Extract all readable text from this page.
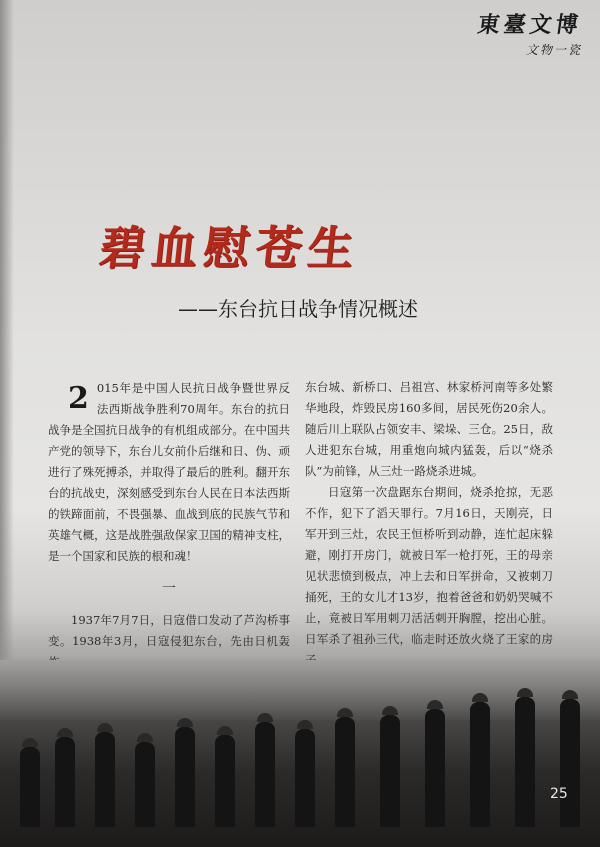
東臺文博
文物一瓷
碧血慰苍生
——东台抗日战争情况概述
2 015年是中国人民抗日战争暨世界反法西斯战争胜利70周年。东台的抗日战争是全国抗日战争的有机组成部分。在中国共产党的领导下，东台儿女前仆后继和日、伪、顽进行了殊死搏杀，并取得了最后的胜利。翻开东台的抗战史，深刻感受到东台人民在日本法西斯的铁蹄面前，不畏强暴、血战到底的民族气节和英雄气概，这是战胜强敌保家卫国的精神支柱，是一个国家和民族的根和魂！

一

1937年7月7日，日寇借口发动了芦沟桥事变。1938年3月，日寇侵犯东台，先由日机轰

东台城、新桥口、吕祖宫、林家桥河南等多处繁华地段，炸毁民房160多间，居民死伤20余人。随后川上联队占领安丰、梁垛、三仓。25日，敌人进犯东台城，用重炮向城内猛轰，后以“烧杀队”为前锋，从三灶一路烧杀进城。

日寇第一次盘踞东台期间，烧杀抢掠，无恶不作，犯下了滔天罪行。7月16日，天刚亮，日军开到三灶，农民王恒桥听到动静，连忙起床躲避，刚打开房门，就被日军一枪打死，王的母亲见状悲愤到极点，冲上去和日军拼命，又被刺刀捅死，王的女儿才13岁，抱着爸爸和奶奶哭喊不止，竟被日军用刺刀活活刺开胸膛，挖出心脏。日军杀了祖孙三代，临走时还放火烧了王家的房

25
